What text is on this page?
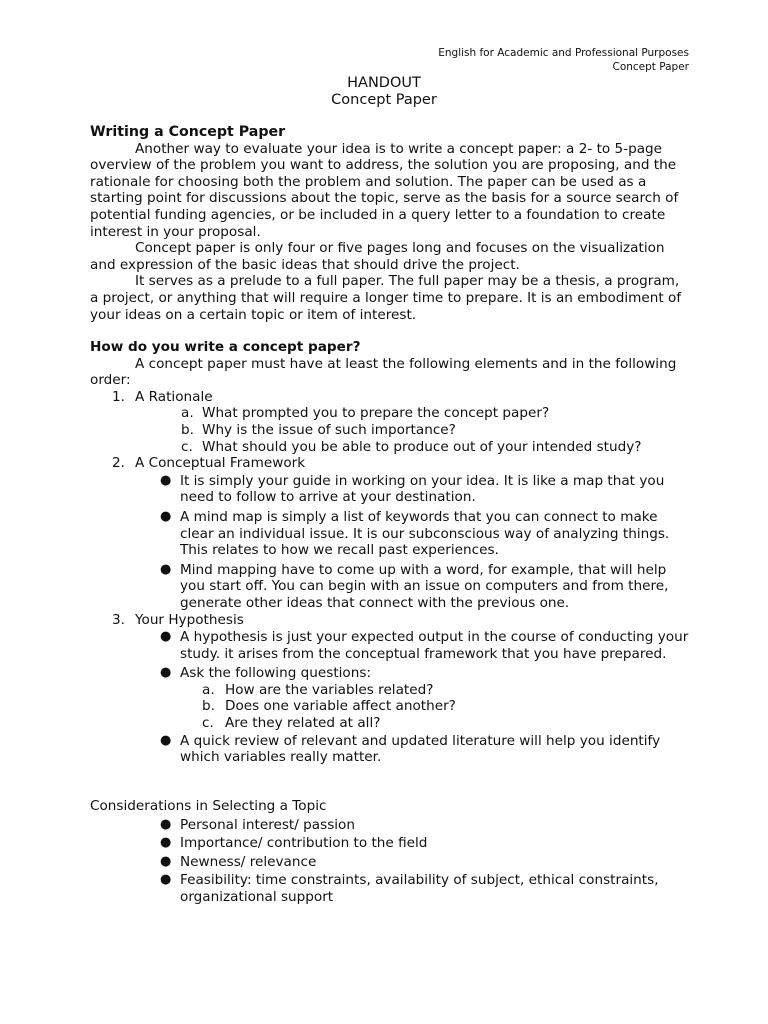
English for Academic and Professional Purposes
Concept Paper
HANDOUT
Concept Paper
Writing a Concept Paper

Another way to evaluate your idea is to write a concept paper: a 2- to 5-page overview of the problem you want to address, the solution you are proposing, and the rationale for choosing both the problem and solution. The paper can be used as a starting point for discussions about the topic, serve as the basis for a source search of potential funding agencies, or be included in a query letter to a foundation to create interest in your proposal.

Concept paper is only four or five pages long and focuses on the visualization and expression of the basic ideas that should drive the project.

It serves as a prelude to a full paper. The full paper may be a thesis, a program, a project, or anything that will require a longer time to prepare. It is an embodiment of your ideas on a certain topic or item of interest.

How do you write a concept paper?

A concept paper must have at least the following elements and in the following order:

1. A Rationale
a. What prompted you to prepare the concept paper?
b. Why is the issue of such importance?
c. What should you be able to produce out of your intended study?
2. A Conceptual Framework
● It is simply your guide in working on your idea. It is like a map that you need to follow to arrive at your destination.
● A mind map is simply a list of keywords that you can connect to make clear an individual issue. It is our subconscious way of analyzing things. This relates to how we recall past experiences.
● Mind mapping have to come up with a word, for example, that will help you start off. You can begin with an issue on computers and from there, generate other ideas that connect with the previous one.
3. Your Hypothesis
● A hypothesis is just your expected output in the course of conducting your study. it arises from the conceptual framework that you have prepared.
● Ask the following questions:
a. How are the variables related?
b. Does one variable affect another?
c. Are they related at all?
● A quick review of relevant and updated literature will help you identify which variables really matter.
Considerations in Selecting a Topic
● Personal interest/ passion
● Importance/ contribution to the field
● Newness/ relevance
● Feasibility: time constraints, availability of subject, ethical constraints, organizational support
